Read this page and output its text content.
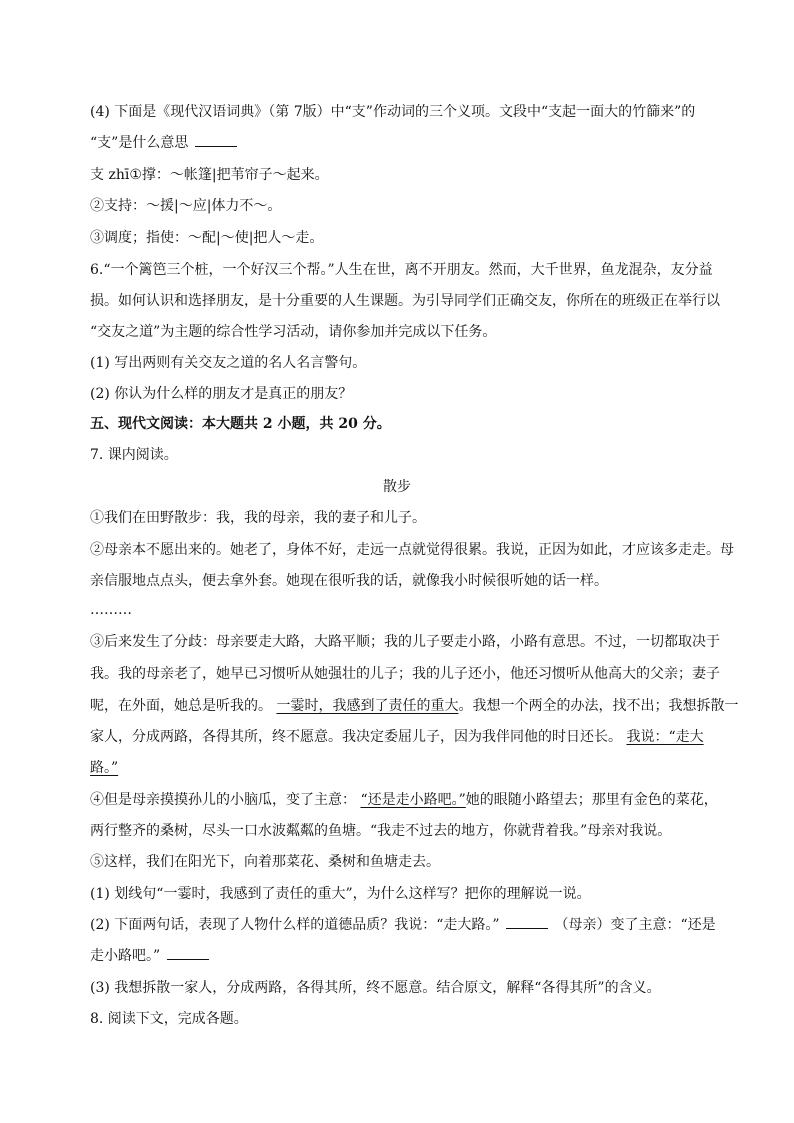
(4) 下面是《现代汉语词典》（第 7版）中“支”作动词的三个义项。文段中“支起一面大的竹篩来”的
“支”是什么意思
支 zhī①撑：～帐篷|把苇帘子～起来。
②支持：～援|～应|体力不～。
③调度；指使：～配|～使|把人～走。
6.“一个篱笆三个桩，一个好汉三个帮。”人生在世，离不开朋友。然而，大千世界，鱼龙混杂，友分益
损。如何认识和选择朋友，是十分重要的人生课题。为引导同学们正确交友，你所在的班级正在举行以
“交友之道”为主题的综合性学习活动，请你参加并完成以下任务。
(1) 写出两则有关交友之道的名人名言警句。
(2) 你认为什么样的朋友才是真正的朋友？
五、现代文阅读：本大题共 2 小题，共 20 分。
7. 课内阅读。
散步
①我们在田野散步：我，我的母亲，我的妻子和儿子。
②母亲本不愿出来的。她老了，身体不好，走远一点就觉得很累。我说，正因为如此，才应该多走走。母
亲信服地点点头，便去拿外套。她现在很听我的话，就像我小时候很听她的话一样。
………
③后来发生了分歧：母亲要走大路，大路平顺；我的儿子要走小路，小路有意思。不过，一切都取决于
我。我的母亲老了，她早已习惯听从她强壮的儿子；我的儿子还小，他还习惯听从他高大的父亲；妻子
呢，在外面，她总是听我的。 一霎时，我感到了责任的重大。我想一个两全的办法，找不出；我想拆散一
家人，分成两路，各得其所，终不愿意。我决定委屈儿子，因为我伴同他的时日还长。 我说：“走大
路。”
④但是母亲摸摸孙儿的小脑瓜，变了主意： “还是走小路吧。”她的眼随小路望去；那里有金色的菜花，
两行整齐的桑树，尽头一口水波粼粼的鱼塘。“我走不过去的地方，你就背着我。”母亲对我说。
⑤这样，我们在阳光下，向着那菜花、桑树和鱼塘走去。
(1) 划线句“一霎时，我感到了责任的重大”，为什么这样写？把你的理解说一说。
(2) 下面两句话，表现了人物什么样的道德品质？我说：“走大路。”	（母亲）变了主意：“还是
走小路吧。”
(3) 我想拆散一家人，分成两路，各得其所，终不愿意。结合原文，解释“各得其所”的含义。
8. 阅读下文，完成各题。
